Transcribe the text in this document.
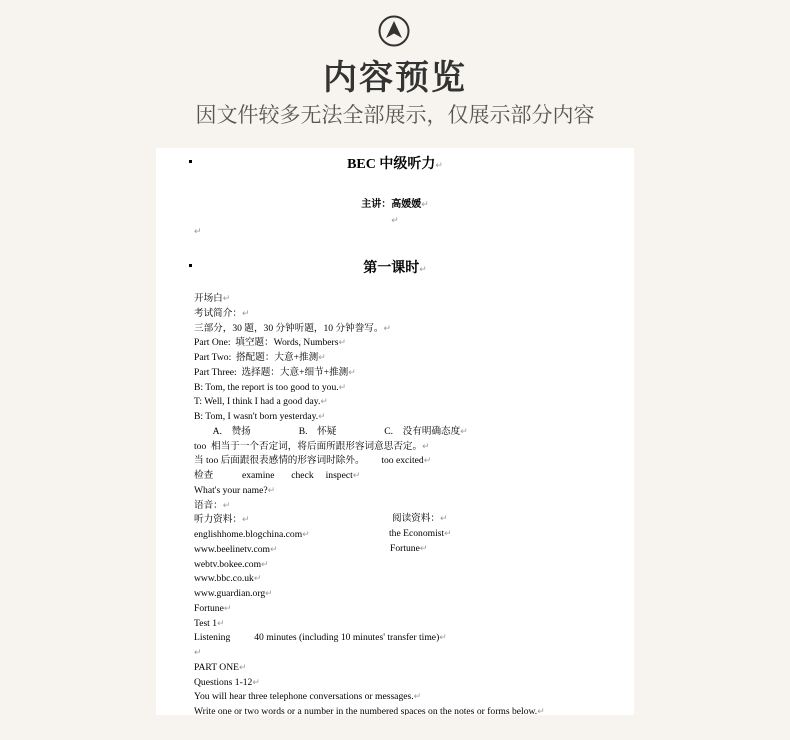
内容预览
因文件较多无法全部展示，仅展示部分内容
BEC 中级听力↵
主讲：高媛媛↵
↵
↵
第一课时↵
开场白↵
考试简介：↵
三部分，30 题，30 分钟听题，10 分钟誊写。↵
Part One:  填空题：Words, Numbers↵
Part Two:  搭配题：大意+推测↵
Part Three:  选择题：大意+细节+推测↵
B: Tom, the report is too good to you.↵
T: Well, I think I had a good day.↵
B: Tom, I wasn't born yesterday.↵
A.    赞扬                    B.    怀疑                    C.    没有明确态度↵
too  相当于一个否定词，将后面所跟形容词意思否定。↵
当 too 后面跟很表感情的形容词时除外。       too excited↵
检查            examine       check     inspect↵
What's your name?↵
语音：↵
听力资料：↵
englishhome.blogchina.com↵
www.beelinetv.com↵
webtv.bokee.com↵
www.bbc.co.uk↵
www.guardian.org↵
Fortune↵
Test 1↵
Listening          40 minutes (including 10 minutes' transfer time)↵
↵
PART ONE↵
Questions 1-12↵
You will hear three telephone conversations or messages.↵
Write one or two words or a number in the numbered spaces on the notes or forms below.↵
阅读资料：↵
the Economist↵
Fortune↵
